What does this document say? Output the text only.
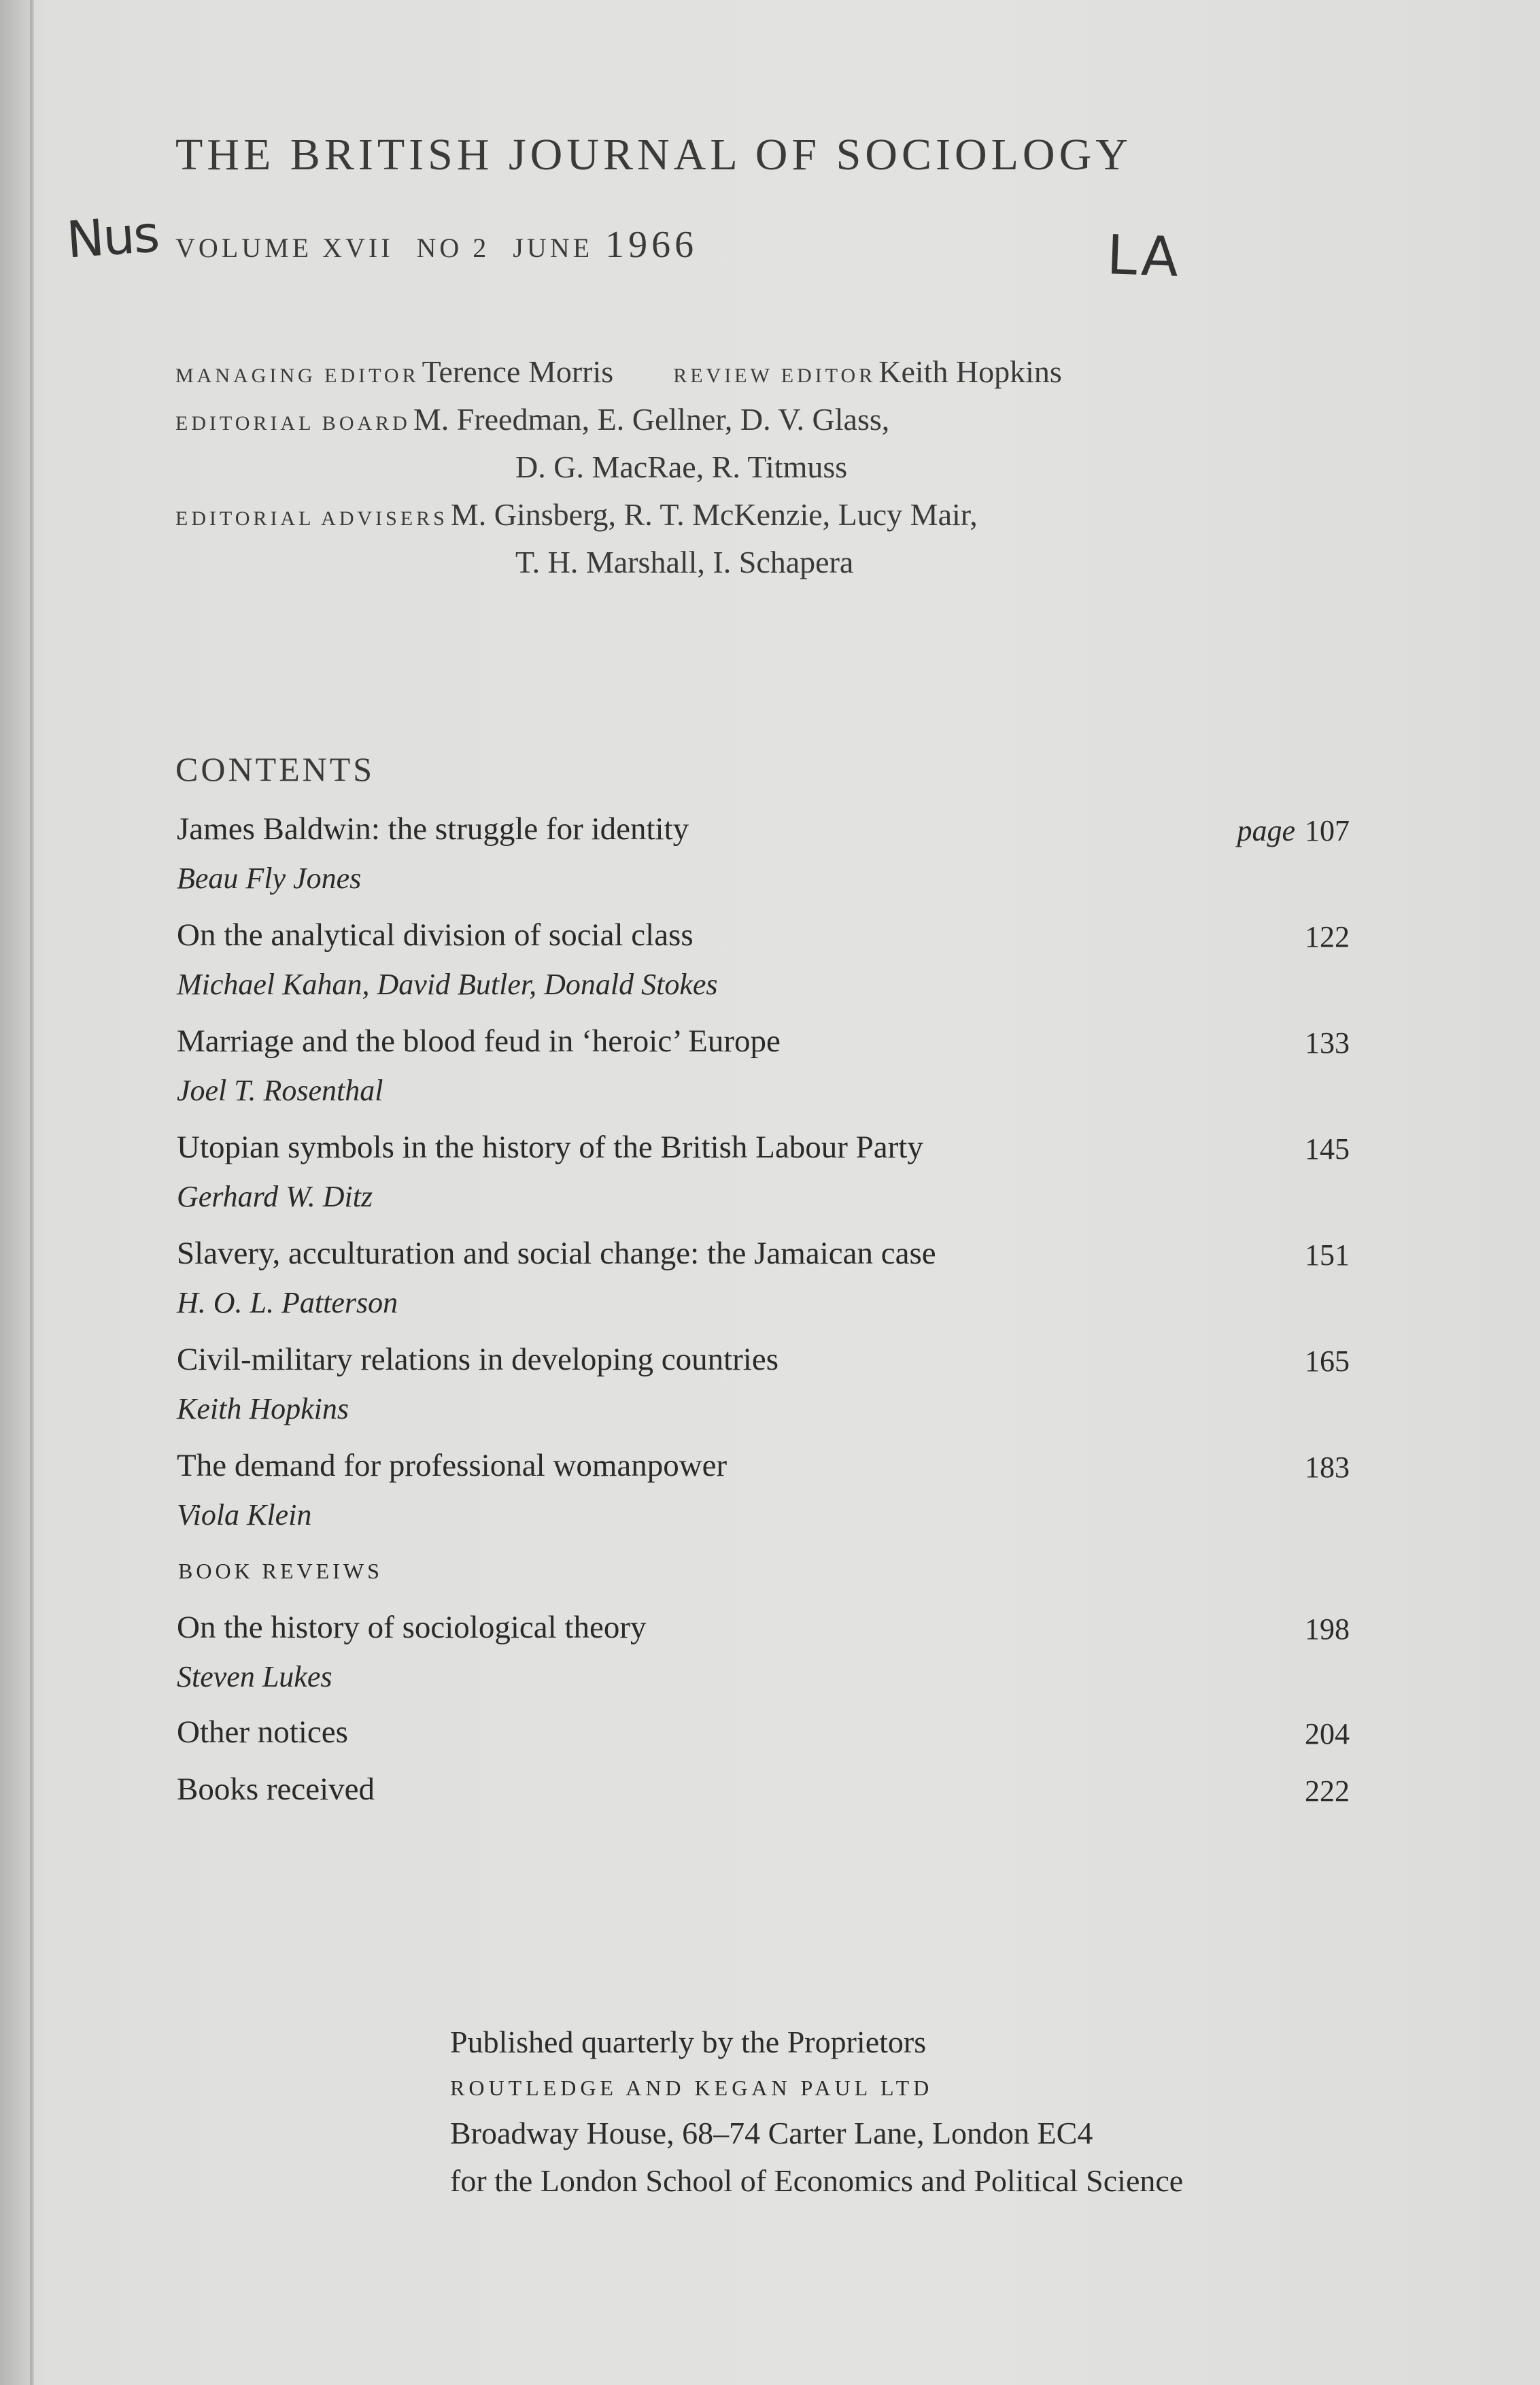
THE BRITISH JOURNAL OF SOCIOLOGY
VOLUME XVII NO 2 JUNE 1966
Nus	LA
MANAGING EDITOR Terence Morris	REVIEW EDITOR Keith Hopkins
EDITORIAL BOARD M. Freedman, E. Gellner, D. V. Glass,
D. G. MacRae, R. Titmuss
EDITORIAL ADVISERS M. Ginsberg, R. T. McKenzie, Lucy Mair,
T. H. Marshall, I. Schapera
CONTENTS
James Baldwin: the struggle for identity	page 107
Beau Fly Jones
On the analytical division of social class	122
Michael Kahan, David Butler, Donald Stokes
Marriage and the blood feud in ‘heroic’ Europe	133
Joel T. Rosenthal
Utopian symbols in the history of the British Labour Party	145
Gerhard W. Ditz
Slavery, acculturation and social change: the Jamaican case	151
H. O. L. Patterson
Civil-military relations in developing countries	165
Keith Hopkins
The demand for professional womanpower	183
Viola Klein
BOOK REVEIWS
On the history of sociological theory	198
Steven Lukes
Other notices	204
Books received	222
Published quarterly by the Proprietors
ROUTLEDGE AND KEGAN PAUL LTD
Broadway House, 68–74 Carter Lane, London EC4
for the London School of Economics and Political Science
